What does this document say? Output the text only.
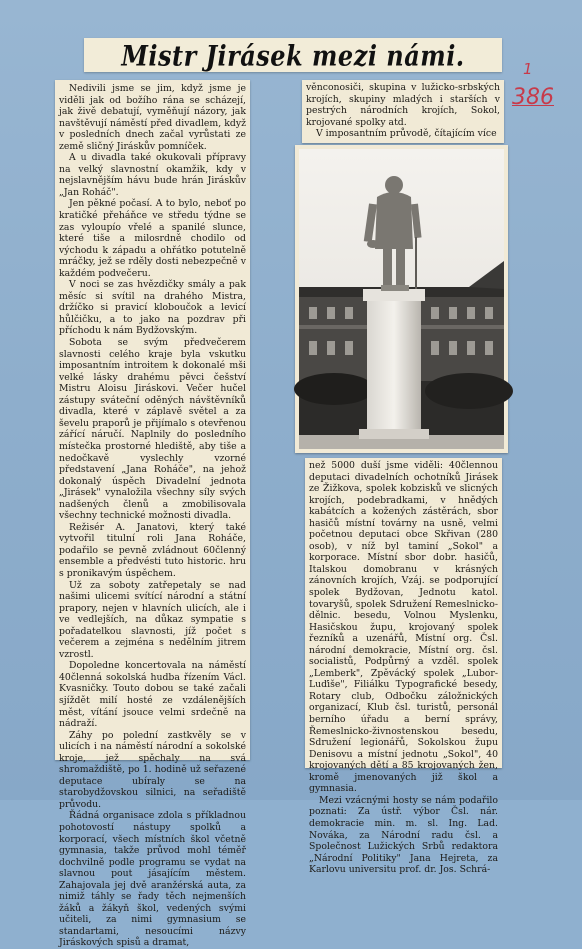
Mistr Jirásek mezi námi.	1
386

Nedivili jsme se jim, když jsme je viděli jak od božího rána se scházejí, jak živě debatují, vyměňují názory, jak navštěvují náměstí před divadlem, když v posledních dnech začal vyrůstati ze země sličný Jiráskův pomníček.

A u divadla také okukovali přípravy na velký slavnostní okamžik, kdy v nejslavnějším hávu bude hrán Jiráskův „Jan Roháč".

Jen pěkné počasí. A to bylo, neboť po kratičké přeháňce ve středu týdne se zas vyloupío vřelé a spanilé slunce, které tiše a milosrdně chodilo od východu k západu a ohřátko potutelně mráčky, jež se rděly dosti nebezpečně v každém podvečeru.

V noci se zas hvězdičky smály a pak měsíc si svítil na drahého Mistra, držíčko si pravicí kloboučok a levicí hůlčičku, a to jako na pozdrav při příchodu k nám Bydžovským.

Sobota se svým předvečerem slavnosti celého kraje byla vskutku imposantním introitem k dokonalé mši velké lásky drahému pěvci češství Mistru Aloisu Jiráskovi. Večer hučel zástupy sváteční oděných návštěvníků divadla, které v záplavě světel a za ševelu praporů je přijímalo s otevřenou zářící náručí. Naplnily do posledního místečka prostorné hlediště, aby tiše a nedočkavě vyslechly vzorné představení „Jana Roháče", na jehož dokonalý úspěch Divadelní jednota „Jirásek" vynaložila všechny síly svých nadšených členů a zmobilisovala všechny technické možnosti divadla.

Režisér A. Janatovi, který také vytvořil titulní roli Jana Roháče, podařilo se pevně zvládnout 60členný ensemble a předvésti tuto historic. hru s pronikavým úspěchem.

Už za soboty zatřepetaly se nad našimi ulicemi svítící národní a státní prapory, nejen v hlavních ulicích, ale i ve vedlejších, na důkaz sympatie s pořadatelkou slavnosti, jíž počet s večerem a zejména s nedělním jitrem vzrostl.

Dopoledne koncertovala na náměstí 40členná sokolská hudba řízením Václ. Kvasničky. Touto dobou se také začali sjíždět milí hosté ze vzdálenějších měst, vítání jsouce velmi srdečně na nádraží.

Záhy po polední zastkvěly se v ulicích i na náměstí národní a sokolské kroje, jež spěchaly na svá shromaždiště, po 1. hodině už seřazené deputace ubíraly se na starobydžovskou silnici, na seřadiště průvodu.

Řádná organisace zdola s příkladnou pohotovostí nástupy spolků a korporací, všech místních škol včetně gymnasia, takže průvod mohl téměř dochvilně podle programu se vydat na slavnou pout jásajícím městem. Zahajovala jej dvě aranžérská auta, za nimiž táhly se řady těch nejmenších žáků a žákyň škol, vedených svými učiteli, za nimi gymnasium se standartami, nesoucími názvy Jiráskových spisů a dramat,

věnconosiči, skupina v lužicko-srbských krojích, skupiny mladých i starších v pestrých národních krojích, Sokol, krojované spolky atd.

V imposantním průvodě, čítajícím více

než 5000 duší jsme viděli: 40člennou deputaci divadelních ochotníků Jirásek ze Žižkova, spolek kobzisků ve slicných krojích, podebradkami, v hnědých kabátcích a kožených zástěrách, sbor hasičů místní továrny na usně, velmi početnou deputaci obce Skřivan (280 osob), v níž byl taminí „Sokol" a korporace. Místní sbor dobr. hasičů, Italskou domobranu v krásných zánovních krojích, Vzáj. se podporující spolek Bydžovan, Jednotu katol. tovaryšů, spolek Sdružení Remeslnicko-dělnic. besedu, Volnou Myslenku, Hasičskou župu, krojovaný spolek řezníků a uzenářů, Místní org. Čsl. národní demokracie, Místní org. čsl. socialistů, Podpůrný a vzděl. spolek „Lemberk", Zpěvácký spolek „Lubor-Luďiše", Filiálku Typografické besedy, Rotary club, Odbočku záložnických organizací, Klub čsl. turistů, personál berního úřadu a berní správy, Řemeslnicko-živnostenskou besedu, Sdružení legionářů, Sokolskou župu Denisovu a místní jednotu „Sokol", 40 krojovaných dětí a 85 krojovaných žen, kromě jmenovaných již škol a gymnasia.

Mezi vzácnými hosty se nám podařilo poznati: Za ústř. výbor Čsl. nár. demokracie min. m. sl. Ing. Lad. Nováka, za Národní radu čsl. a Společnost Lužických Srbů redaktora „Národní Politiky" Jana Hejreta, za Karlovu universitu prof. dr. Jos. Schrá-
